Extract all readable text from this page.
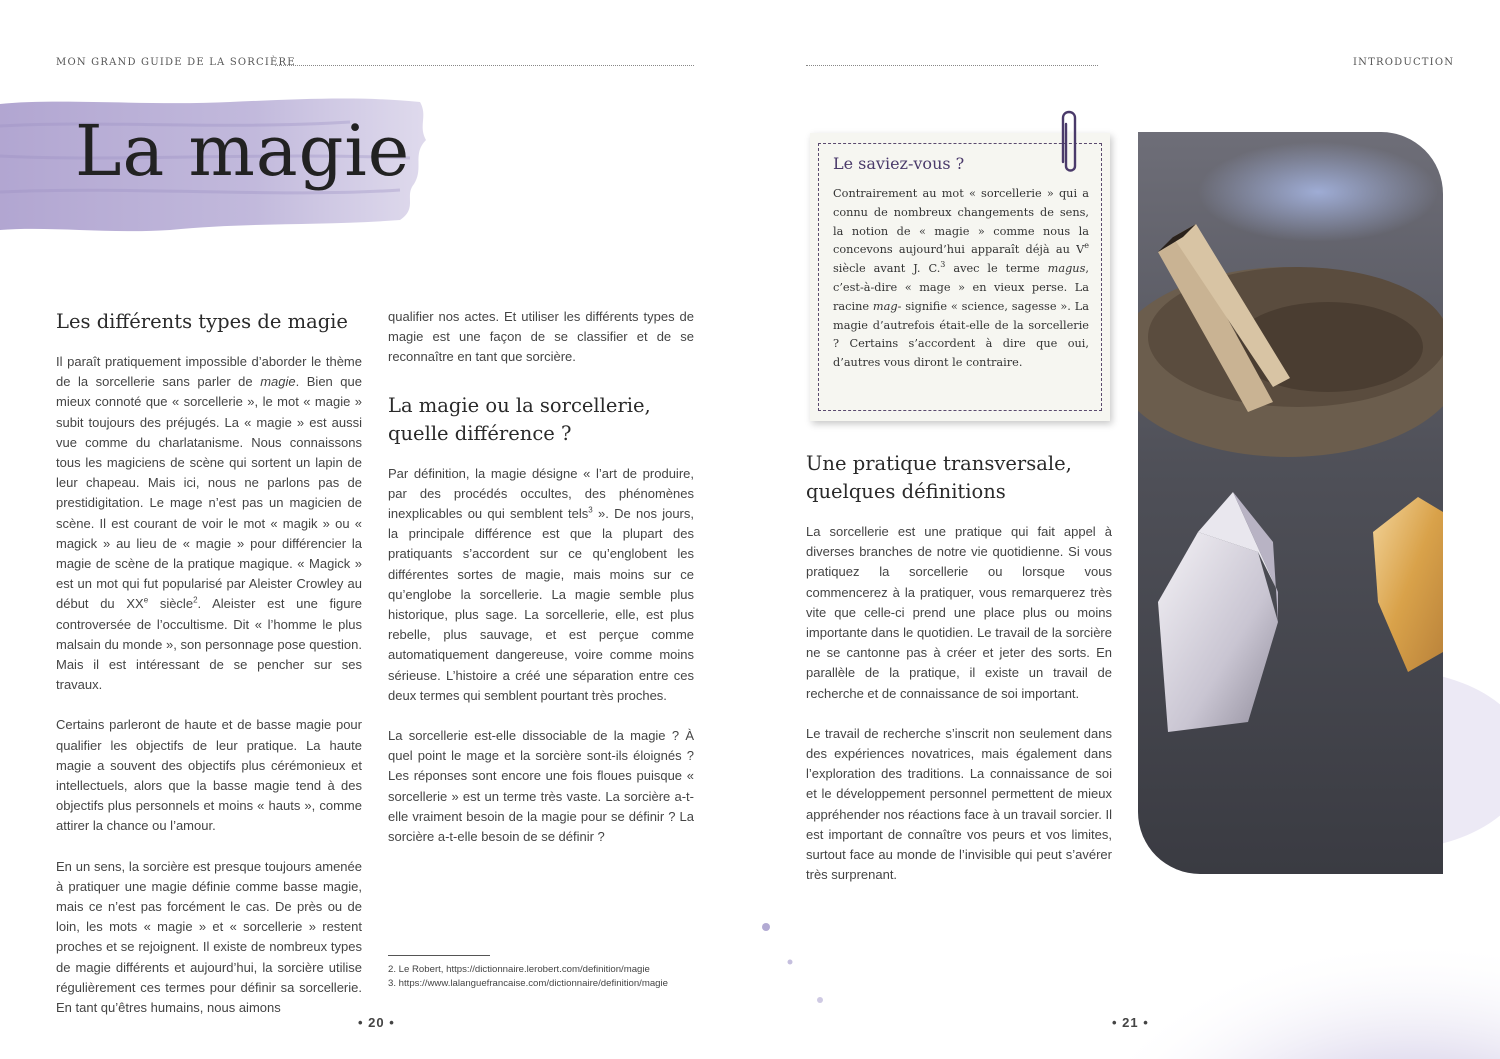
MON GRAND GUIDE DE LA SORCIÈRE
La magie
Les différents types de magie

Il paraît pratiquement impossible d’aborder le thème de la sorcellerie sans parler de magie. Bien que mieux connoté que « sorcellerie », le mot « magie » subit toujours des préjugés. La « magie » est aussi vue comme du charlatanisme. Nous connaissons tous les magiciens de scène qui sortent un lapin de leur chapeau. Mais ici, nous ne parlons pas de prestidigitation. Le mage n’est pas un magicien de scène. Il est courant de voir le mot « magik » ou « magick » au lieu de « magie » pour différencier la magie de scène de la pratique magique. « Magick » est un mot qui fut popularisé par Aleister Crowley au début du XXe siècle$^2$. Aleister est une figure controversée de l’occultisme. Dit « l’homme le plus malsain du monde », son personnage pose question. Mais il est intéressant de se pencher sur ses travaux.

Certains parleront de haute et de basse magie pour qualifier les objectifs de leur pratique. La haute magie a souvent des objectifs plus cérémonieux et intellectuels, alors que la basse magie tend à des objectifs plus personnels et moins « hauts », comme attirer la chance ou l’amour.

En un sens, la sorcière est presque toujours amenée à pratiquer une magie définie comme basse magie, mais ce n’est pas forcément le cas. De près ou de loin, les mots « magie » et « sorcellerie » restent proches et se rejoignent. Il existe de nombreux types de magie différents et aujourd’hui, la sorcière utilise régulièrement ces termes pour définir sa sorcellerie. En tant qu’êtres humains, nous aimons

qualifier nos actes. Et utiliser les différents types de magie est une façon de se classifier et de se reconnaître en tant que sorcière.

La magie ou la sorcellerie, quelle différence ?

Par définition, la magie désigne « l’art de produire, par des procédés occultes, des phénomènes inexplicables ou qui semblent tels$^3$ ». De nos jours, la principale différence est que la plupart des pratiquants s’accordent sur ce qu’englobent les différentes sortes de magie, mais moins sur ce qu’englobe la sorcellerie. La magie semble plus historique, plus sage. La sorcellerie, elle, est plus rebelle, plus sauvage, et est perçue comme automatiquement dangereuse, voire comme moins sérieuse. L’histoire a créé une séparation entre ces deux termes qui semblent pourtant très proches.

La sorcellerie est-elle dissociable de la magie ? À quel point le mage et la sorcière sont-ils éloignés ? Les réponses sont encore une fois floues puisque « sorcellerie » est un terme très vaste. La sorcière a-t-elle vraiment besoin de la magie pour se définir ? La sorcière a-t-elle besoin de se définir ?

2. Le Robert, https://dictionnaire.lerobert.com/definition/magie
3. https://www.lalanguefrancaise.com/dictionnaire/definition/magie
• 20 •
INTRODUCTION
Le saviez-vous ?

Contrairement au mot « sorcellerie » qui a connu de nombreux changements de sens, la notion de « magie » comme nous la concevons aujourd’hui apparaît déjà au Ve siècle avant J. C.$^3$ avec le terme magus, c’est-à-dire « mage » en vieux perse. La racine mag- signifie « science, sagesse ». La magie d’autrefois était-elle de la sorcellerie ? Certains s’accordent à dire que oui, d’autres vous diront le contraire.

Une pratique transversale, quelques définitions

La sorcellerie est une pratique qui fait appel à diverses branches de notre vie quotidienne. Si vous pratiquez la sorcellerie ou lorsque vous commencerez à la pratiquer, vous remarquerez très vite que celle-ci prend une place plus ou moins importante dans le quotidien. Le travail de la sorcière ne se cantonne pas à créer et jeter des sorts. En parallèle de la pratique, il existe un travail de recherche et de connaissance de soi important.

Le travail de recherche s’inscrit non seulement dans des expériences novatrices, mais également dans l’exploration des traditions. La connaissance de soi et le développement personnel permettent de mieux appréhender nos réactions face à un travail sorcier. Il est important de connaître vos peurs et vos limites, surtout face au monde de l’invisible qui peut s’avérer très surprenant.

• 21 •
